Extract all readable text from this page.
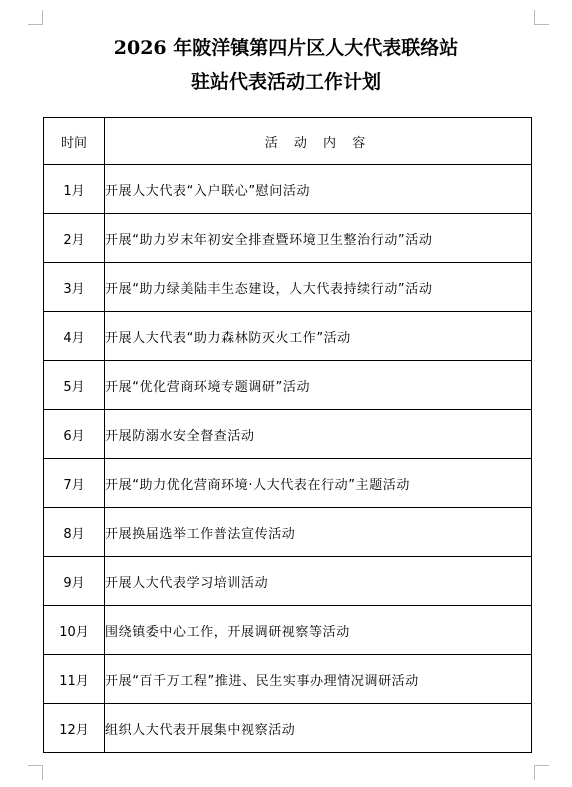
2026 年陂洋镇第四片区人大代表联络站
驻站代表活动工作计划
时间	活 动 内 容
1月	开展人大代表“入户联心”慰问活动
2月	开展“助力岁末年初安全排查暨环境卫生整治行动”活动
3月	开展“助力绿美陆丰生态建设，人大代表持续行动”活动
4月	开展人大代表“助力森林防灭火工作”活动
5月	开展“优化营商环境专题调研”活动
6月	开展防溺水安全督查活动
7月	开展“助力优化营商环境·人大代表在行动”主题活动
8月	开展换届选举工作普法宣传活动
9月	开展人大代表学习培训活动
10月	围绕镇委中心工作，开展调研视察等活动
11月	开展“百千万工程”推进、民生实事办理情况调研活动
12月	组织人大代表开展集中视察活动
